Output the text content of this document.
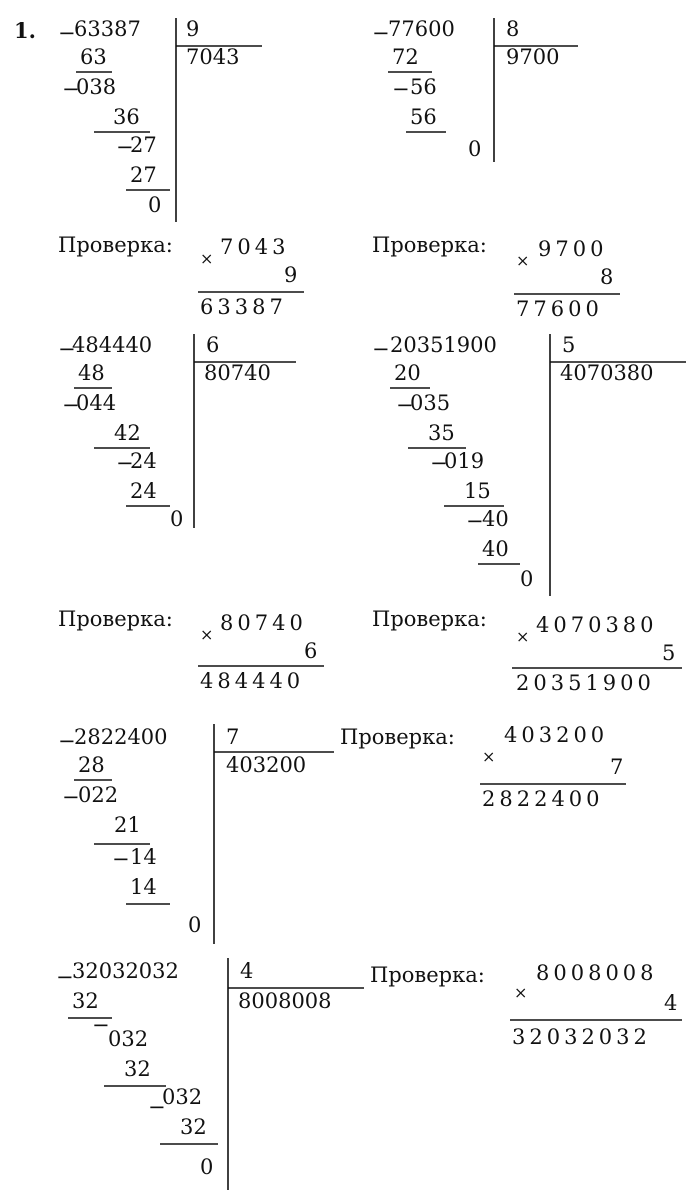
1. −
63387 9
7043
63
−
038
36
−
27
27
0
−
77600 8
9700
72
− 56
56
0
Проверка:
× 7043
9
63387
Проверка:
× 9700
8
77600
−
484440	6
80740
48
−
044
42
−
24
24
0
− 20351900	5
4070380
20
−
035
35
−
019
15
−
40
40
0
Проверка:
× 80740
6
484440
Проверка:
× 4070380
5
20351900
−
2822400	7
403200
28
−
022
21
− 14
14
0
Проверка:
×
403200
7
2822400
−
32032032	4
8008008
32
−
032
32
−
032
32
0
Проверка:
×
8008008
4
32032032
